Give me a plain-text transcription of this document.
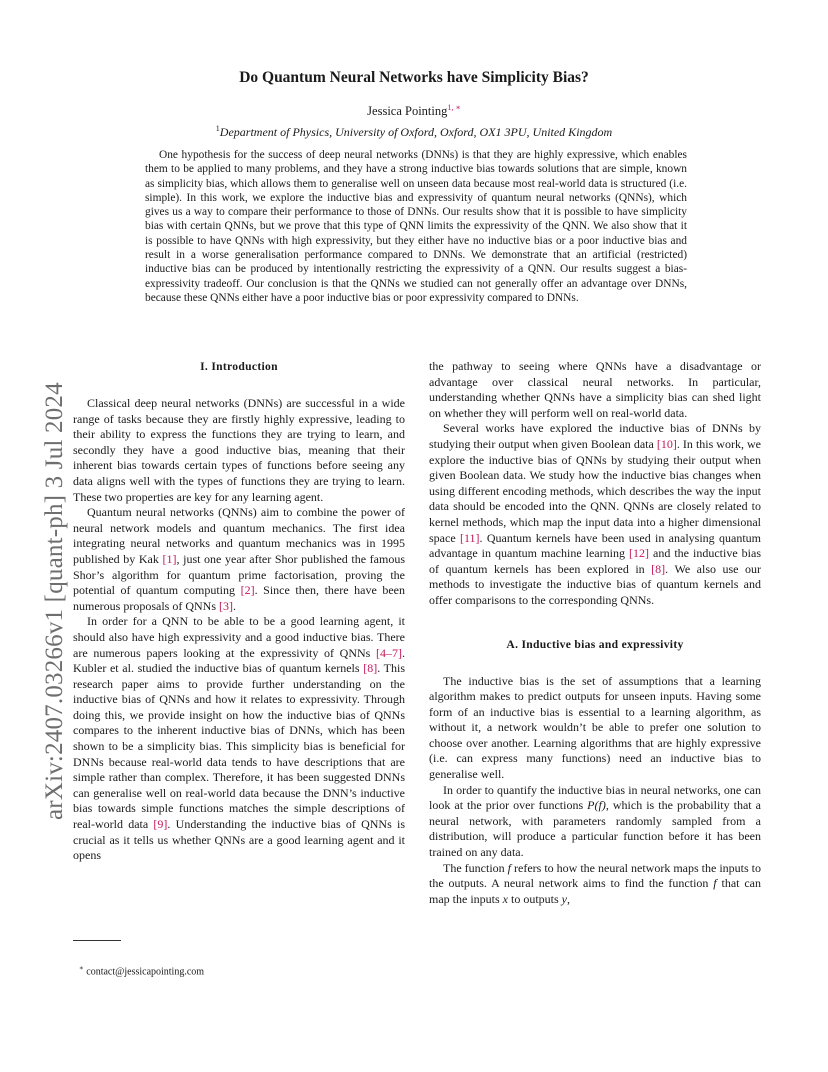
arXiv:2407.03266v1 [quant-ph] 3 Jul 2024
Do Quantum Neural Networks have Simplicity Bias?
Jessica Pointing$^{1, ∗}$
$^1$Department of Physics, University of Oxford, Oxford, OX1 3PU, United Kingdom

One hypothesis for the success of deep neural networks (DNNs) is that they are highly expressive, which enables them to be applied to many problems, and they have a strong inductive bias towards solutions that are simple, known as simplicity bias, which allows them to generalise well on unseen data because most real-world data is structured (i.e. simple). In this work, we explore the inductive bias and expressivity of quantum neural networks (QNNs), which gives us a way to compare their performance to those of DNNs. Our results show that it is possible to have simplicity bias with certain QNNs, but we prove that this type of QNN limits the expressivity of the QNN. We also show that it is possible to have QNNs with high expressivity, but they either have no inductive bias or a poor inductive bias and result in a worse generalisation performance compared to DNNs. We demonstrate that an artificial (restricted) inductive bias can be produced by intentionally restricting the expressivity of a QNN. Our results suggest a bias-expressivity tradeoff. Our conclusion is that the QNNs we studied can not generally offer an advantage over DNNs, because these QNNs either have a poor inductive bias or poor expressivity compared to DNNs.

I. Introduction

Classical deep neural networks (DNNs) are successful in a wide range of tasks because they are firstly highly expressive, leading to their ability to express the functions they are trying to learn, and secondly they have a good inductive bias, meaning that their inherent bias towards certain types of functions before seeing any data aligns well with the types of functions they are trying to learn. These two properties are key for any learning agent.

Quantum neural networks (QNNs) aim to combine the power of neural network models and quantum mechanics. The first idea integrating neural networks and quantum mechanics was in 1995 published by Kak [1], just one year after Shor published the famous Shor’s algorithm for quantum prime factorisation, proving the potential of quantum computing [2]. Since then, there have been numerous proposals of QNNs [3].

In order for a QNN to be able to be a good learning agent, it should also have high expressivity and a good inductive bias. There are numerous papers looking at the expressivity of QNNs [4–7]. Kubler et al. studied the inductive bias of quantum kernels [8]. This research paper aims to provide further understanding on the inductive bias of QNNs and how it relates to expressivity. Through doing this, we provide insight on how the inductive bias of QNNs compares to the inherent inductive bias of DNNs, which has been shown to be a simplicity bias. This simplicity bias is beneficial for DNNs because real-world data tends to have descriptions that are simple rather than complex. Therefore, it has been suggested DNNs can generalise well on real-world data because the DNN’s inductive bias towards simple functions matches the simple descriptions of real-world data [9]. Understanding the inductive bias of QNNs is crucial as it tells us whether QNNs are a good learning agent and it opens

the pathway to seeing where QNNs have a disadvantage or advantage over classical neural networks. In particular, understanding whether QNNs have a simplicity bias can shed light on whether they will perform well on real-world data.

Several works have explored the inductive bias of DNNs by studying their output when given Boolean data [10]. In this work, we explore the inductive bias of QNNs by studying their output when given Boolean data. We study how the inductive bias changes when using different encoding methods, which describes the way the input data should be encoded into the QNN. QNNs are closely related to kernel methods, which map the input data into a higher dimensional space [11]. Quantum kernels have been used in analysing quantum advantage in quantum machine learning [12] and the inductive bias of quantum kernels has been explored in [8]. We also use our methods to investigate the inductive bias of quantum kernels and offer comparisons to the corresponding QNNs.

A. Inductive bias and expressivity

The inductive bias is the set of assumptions that a learning algorithm makes to predict outputs for unseen inputs. Having some form of an inductive bias is essential to a learning algorithm, as without it, a network wouldn’t be able to prefer one solution to choose over another. Learning algorithms that are highly expressive (i.e. can express many functions) need an inductive bias to generalise well.

In order to quantify the inductive bias in neural networks, one can look at the prior over functions P(f), which is the probability that a neural network, with parameters randomly sampled from a distribution, will produce a particular function before it has been trained on any data.

The function f refers to how the neural network maps the inputs to the outputs. A neural network aims to find the function f that can map the inputs x to outputs y,

∗ contact@jessicapointing.com
